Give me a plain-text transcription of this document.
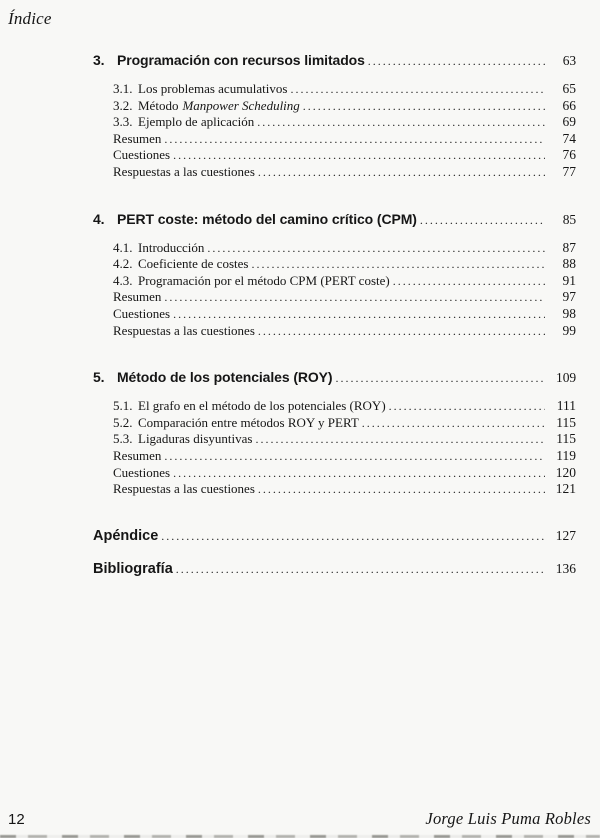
Índice
3. Programación con recursos limitados .....	63
3.1. Los problemas acumulativos .....	65
3.2. Método Manpower Scheduling .....	66
3.3. Ejemplo de aplicación .....	69
Resumen .....	74
Cuestiones .....	76
Respuestas a las cuestiones .....	77
4. PERT coste: método del camino crítico (CPM) .....	85
4.1. Introducción .....	87
4.2. Coeficiente de costes .....	88
4.3. Programación por el método CPM (PERT coste) .....	91
Resumen .....	97
Cuestiones .....	98
Respuestas a las cuestiones .....	99
5. Método de los potenciales (ROY) .....	109
5.1. El grafo en el método de los potenciales (ROY) .....	111
5.2. Comparación entre métodos ROY y PERT .....	115
5.3. Ligaduras disyuntivas .....	115
Resumen .....	119
Cuestiones .....	120
Respuestas a las cuestiones .....	121
Apéndice .....	127
Bibliografía .....	136
12	Jorge Luis Puma Robles
